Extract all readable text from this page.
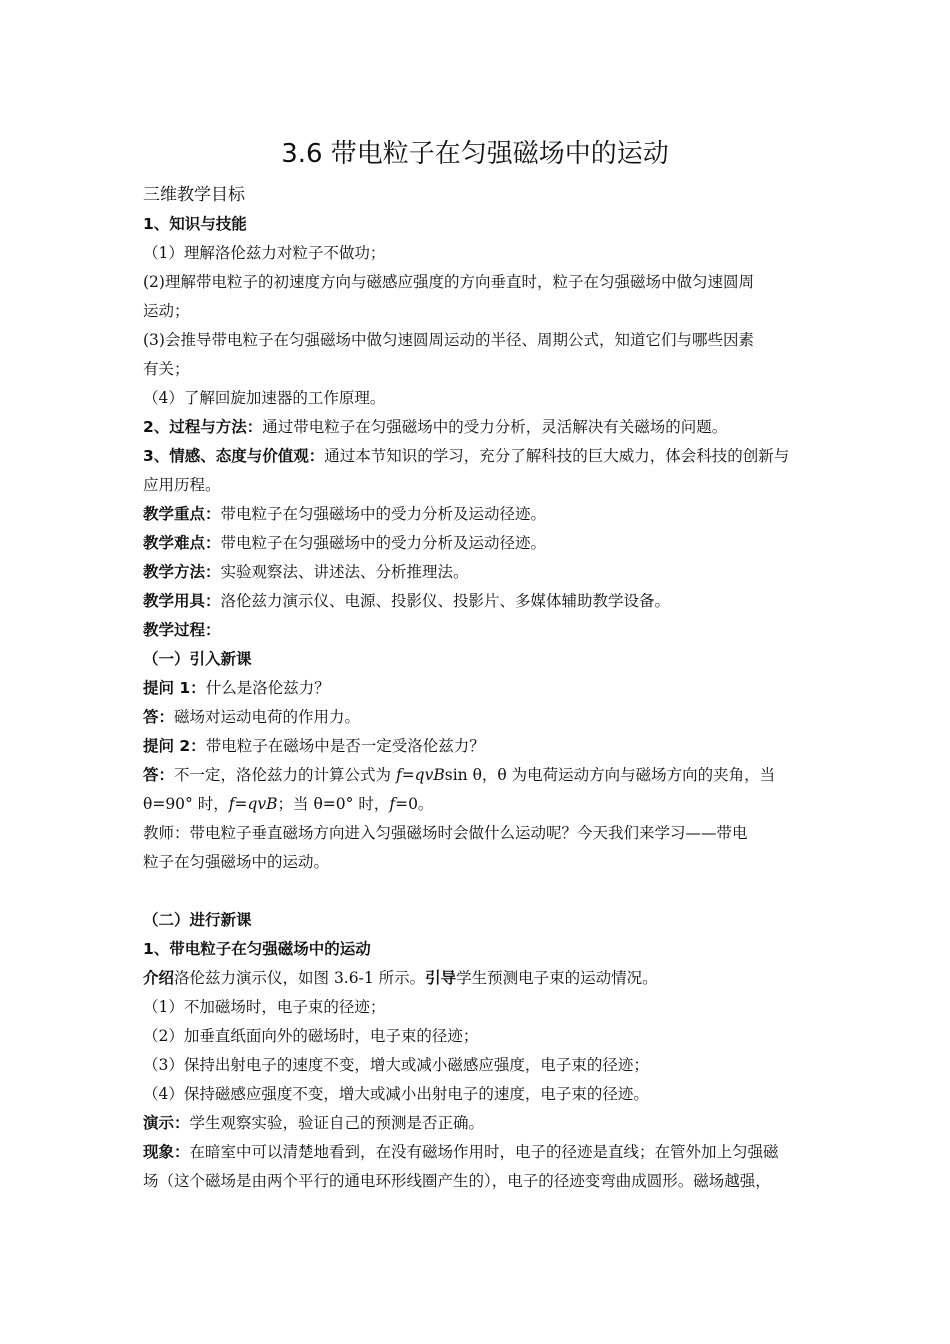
3.6 带电粒子在匀强磁场中的运动
三维教学目标
1、知识与技能
（1）理解洛伦兹力对粒子不做功；
(2)理解带电粒子的初速度方向与磁感应强度的方向垂直时，粒子在匀强磁场中做匀速圆周
运动；
(3)会推导带电粒子在匀强磁场中做匀速圆周运动的半径、周期公式，知道它们与哪些因素
有关；
（4）了解回旋加速器的工作原理。
2、过程与方法：通过带电粒子在匀强磁场中的受力分析，灵活解决有关磁场的问题。
3、情感、态度与价值观：通过本节知识的学习，充分了解科技的巨大威力，体会科技的创新与
应用历程。
教学重点：带电粒子在匀强磁场中的受力分析及运动径迹。
教学难点：带电粒子在匀强磁场中的受力分析及运动径迹。
教学方法：实验观察法、讲述法、分析推理法。
教学用具：洛伦兹力演示仪、电源、投影仪、投影片、多媒体辅助教学设备。
教学过程：
（一）引入新课
提问 1：什么是洛伦兹力？
答：磁场对运动电荷的作用力。
提问 2：带电粒子在磁场中是否一定受洛伦兹力？
答：不一定，洛伦兹力的计算公式为 f=qvBsin θ，θ 为电荷运动方向与磁场方向的夹角，当
θ=90° 时，f=qvB；当 θ=0° 时，f=0。
教师：带电粒子垂直磁场方向进入匀强磁场时会做什么运动呢？今天我们来学习——带电
粒子在匀强磁场中的运动。
（二）进行新课
1、带电粒子在匀强磁场中的运动
介绍洛伦兹力演示仪，如图 3.6-1 所示。引导学生预测电子束的运动情况。
（1）不加磁场时，电子束的径迹；
（2）加垂直纸面向外的磁场时，电子束的径迹；
（3）保持出射电子的速度不变，增大或减小磁感应强度，电子束的径迹；
（4）保持磁感应强度不变，增大或减小出射电子的速度，电子束的径迹。
演示：学生观察实验，验证自己的预测是否正确。
现象：在暗室中可以清楚地看到，在没有磁场作用时，电子的径迹是直线；在管外加上匀强磁
场（这个磁场是由两个平行的通电环形线圈产生的），电子的径迹变弯曲成圆形。磁场越强，
